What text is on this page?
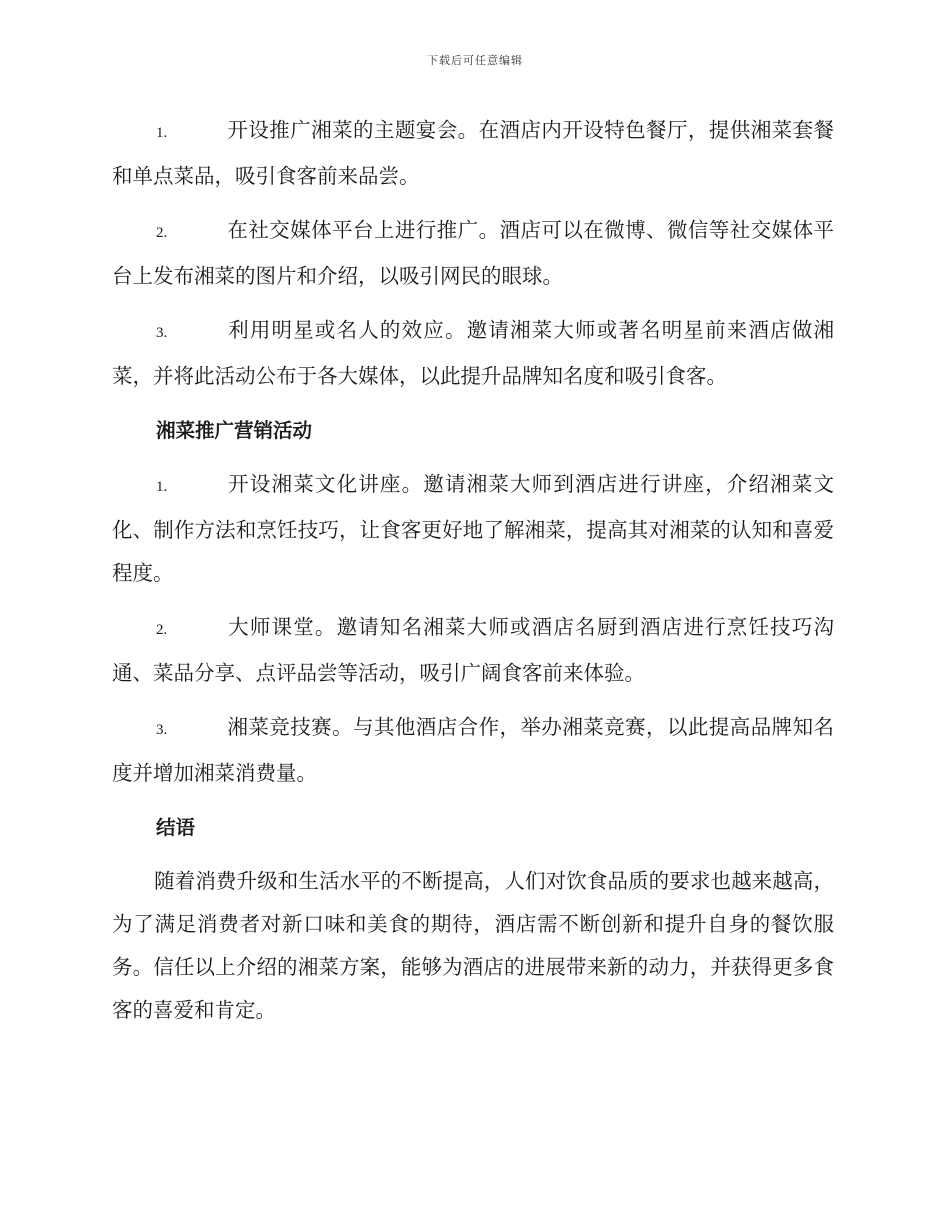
下载后可任意编辑

1.	开设推广湘菜的主题宴会。在酒店内开设特色餐厅，提供湘菜套餐和单点菜品，吸引食客前来品尝。

2.	在社交媒体平台上进行推广。酒店可以在微博、微信等社交媒体平台上发布湘菜的图片和介绍，以吸引网民的眼球。

3.	利用明星或名人的效应。邀请湘菜大师或著名明星前来酒店做湘菜，并将此活动公布于各大媒体，以此提升品牌知名度和吸引食客。

湘菜推广营销活动

1.	开设湘菜文化讲座。邀请湘菜大师到酒店进行讲座，介绍湘菜文化、制作方法和烹饪技巧，让食客更好地了解湘菜，提高其对湘菜的认知和喜爱程度。

2.	大师课堂。邀请知名湘菜大师或酒店名厨到酒店进行烹饪技巧沟通、菜品分享、点评品尝等活动，吸引广阔食客前来体验。

3.	湘菜竞技赛。与其他酒店合作，举办湘菜竞赛，以此提高品牌知名度并增加湘菜消费量。

结语

随着消费升级和生活水平的不断提高，人们对饮食品质的要求也越来越高，为了满足消费者对新口味和美食的期待，酒店需不断创新和提升自身的餐饮服务。信任以上介绍的湘菜方案，能够为酒店的进展带来新的动力，并获得更多食客的喜爱和肯定。
